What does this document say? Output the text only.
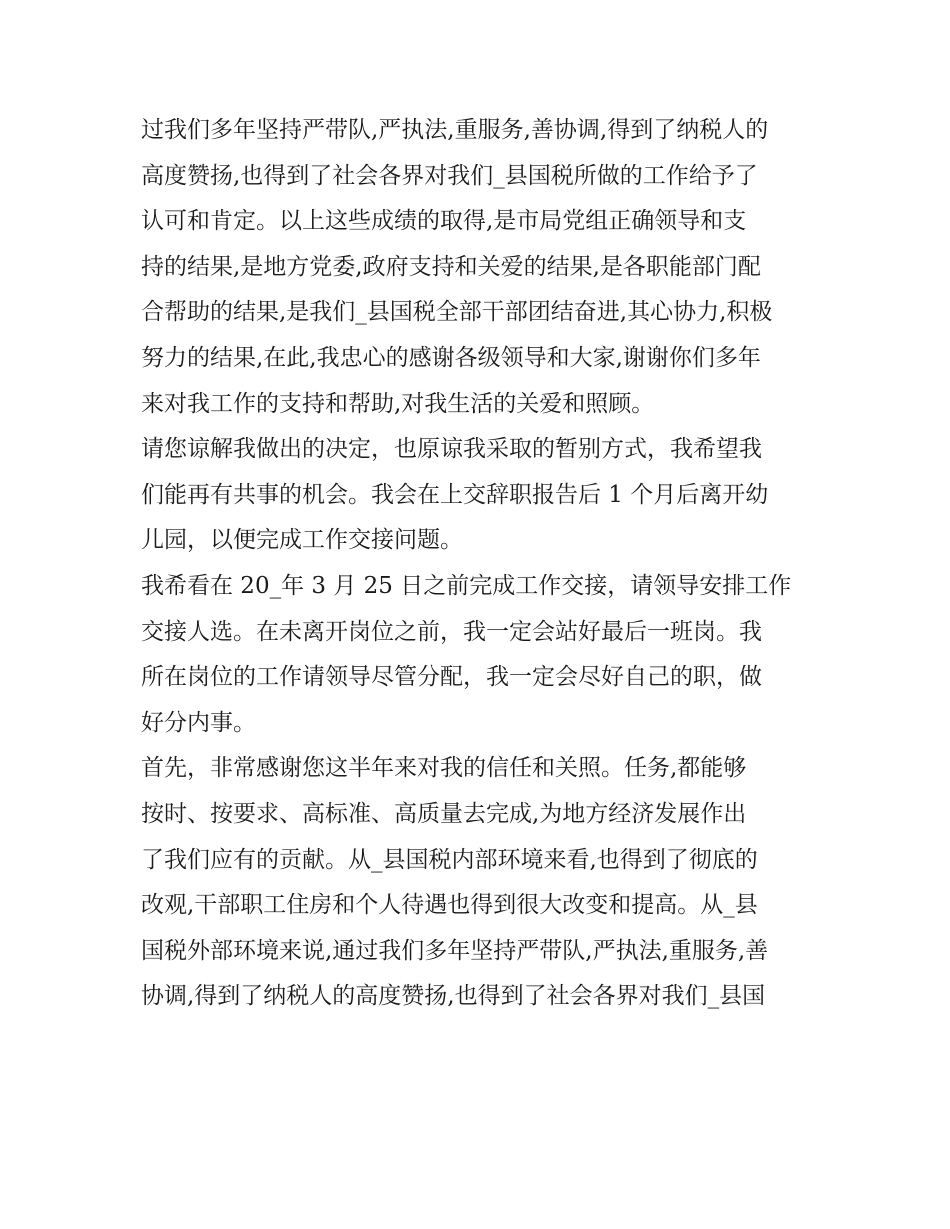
过我们多年坚持严带队,严执法,重服务,善协调,得到了纳税人的
高度赞扬,也得到了社会各界对我们_县国税所做的工作给予了
认可和肯定。以上这些成绩的取得,是市局党组正确领导和支
持的结果,是地方党委,政府支持和关爱的结果,是各职能部门配
合帮助的结果,是我们_县国税全部干部团结奋进,其心协力,积极
努力的结果,在此,我忠心的感谢各级领导和大家,谢谢你们多年
来对我工作的支持和帮助,对我生活的关爱和照顾。
请您谅解我做出的决定，也原谅我采取的暂别方式，我希望我
们能再有共事的机会。我会在上交辞职报告后 1 个月后离开幼
儿园，以便完成工作交接问题。
我希看在 20_年 3 月 25 日之前完成工作交接，请领导安排工作
交接人选。在未离开岗位之前，我一定会站好最后一班岗。我
所在岗位的工作请领导尽管分配，我一定会尽好自己的职，做
好分内事。
首先，非常感谢您这半年来对我的信任和关照。任务,都能够
按时、按要求、高标准、高质量去完成,为地方经济发展作出
了我们应有的贡献。从_县国税内部环境来看,也得到了彻底的
改观,干部职工住房和个人待遇也得到很大改变和提高。从_县
国税外部环境来说,通过我们多年坚持严带队,严执法,重服务,善
协调,得到了纳税人的高度赞扬,也得到了社会各界对我们_县国
